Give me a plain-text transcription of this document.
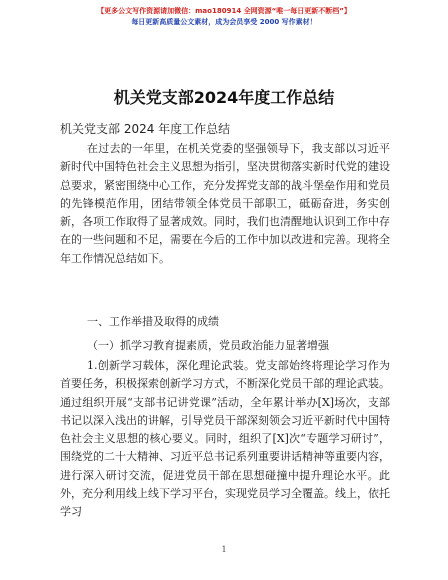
【更多公文写作资源请加微信：mao180914 全网资源“唯一每日更新不断档”】
每日更新高质量公文素材，成为会员享受 2000 写作素材！
机关党支部2024年度工作总结
机关党支部 2024 年度工作总结
在过去的一年里，在机关党委的坚强领导下，我支部以习近平新时代中国特色社会主义思想为指引，坚决贯彻落实新时代党的建设总要求，紧密围绕中心工作，充分发挥党支部的战斗堡垒作用和党员的先锋模范作用，团结带领全体党员干部职工，砥砺奋进，务实创新，各项工作取得了显著成效。同时，我们也清醒地认识到工作中存在的一些问题和不足，需要在今后的工作中加以改进和完善。现将全年工作情况总结如下。
一、工作举措及取得的成绩
（一）抓学习教育提素质，党员政治能力显著增强
1.创新学习载体，深化理论武装。党支部始终将理论学习作为首要任务，积极探索创新学习方式，不断深化党员干部的理论武装。通过组织开展“支部书记讲党课”活动，全年累计举办[X]场次，支部书记以深入浅出的讲解，引导党员干部深刻领会习近平新时代中国特色社会主义思想的核心要义。同时，组织了[X]次“专题学习研讨”，围绕党的二十大精神、习近平总书记系列重要讲话精神等重要内容，进行深入研讨交流，促进党员干部在思想碰撞中提升理论水平。此外，充分利用线上线下学习平台，实现党员学习全覆盖。线上，依托学习
1
